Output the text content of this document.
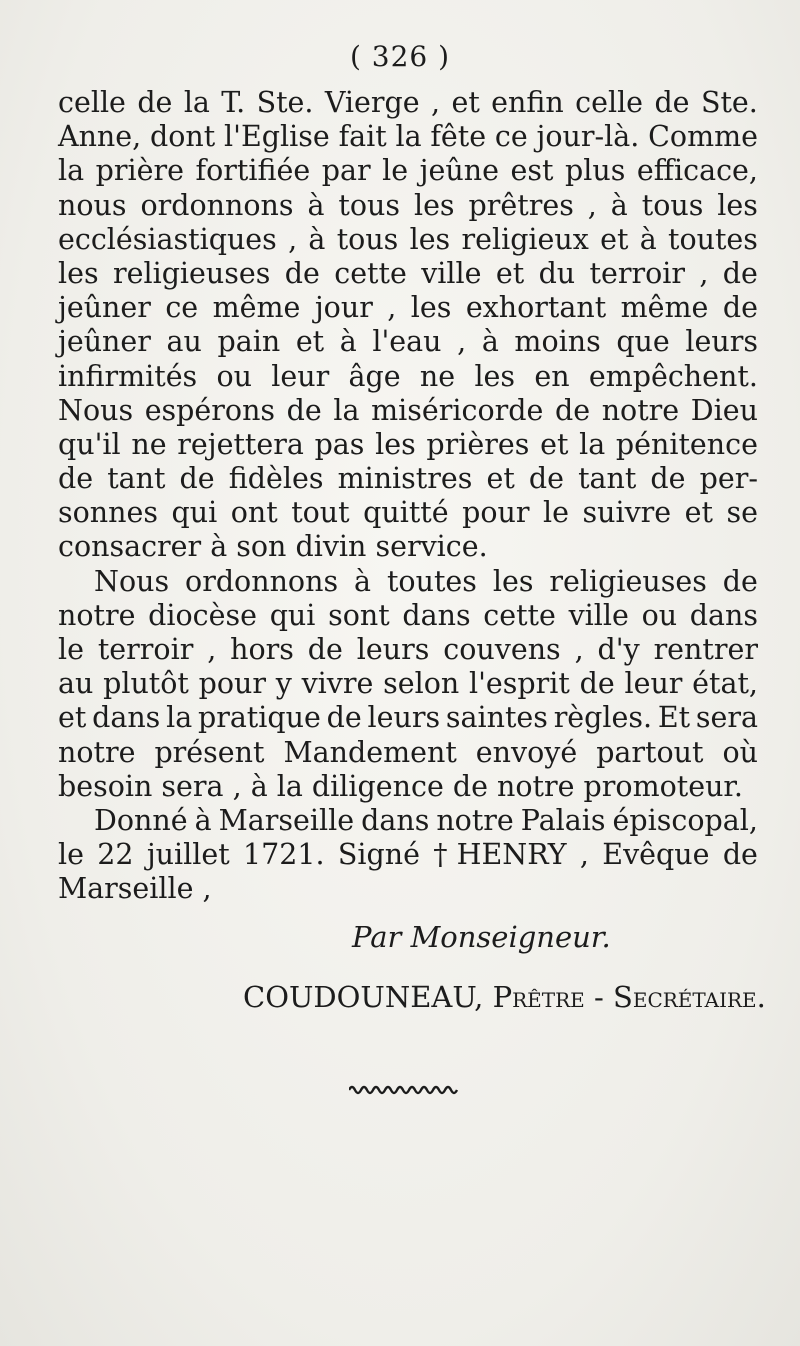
( 326 )
celle de la T. Ste. Vierge , et enfin celle de Ste.
Anne, dont l'Eglise fait la fête ce jour-là. Comme
la prière fortifiée par le jeûne est plus efficace,
nous ordonnons à tous les prêtres , à tous les
ecclésiastiques , à tous les religieux et à toutes
les religieuses de cette ville et du terroir , de
jeûner ce même jour , les exhortant même de
jeûner au pain et à l'eau , à moins que leurs
infirmités ou leur âge ne les en empêchent.
Nous espérons de la miséricorde de notre Dieu
qu'il ne rejettera pas les prières et la pénitence
de tant de fidèles ministres et de tant de per-
sonnes qui ont tout quitté pour le suivre et se
consacrer à son divin service.
Nous ordonnons à toutes les religieuses de
notre diocèse qui sont dans cette ville ou dans
le terroir , hors de leurs couvens , d'y rentrer
au plutôt pour y vivre selon l'esprit de leur état,
et dans la pratique de leurs saintes règles. Et sera
notre présent Mandement envoyé partout où
besoin sera , à la diligence de notre promoteur.
Donné à Marseille dans notre Palais épiscopal,
le 22 juillet 1721. Signé † HENRY , Evêque de
Marseille ,
Par Monseigneur.
COUDOUNEAU, Prêtre - Secrétaire.
